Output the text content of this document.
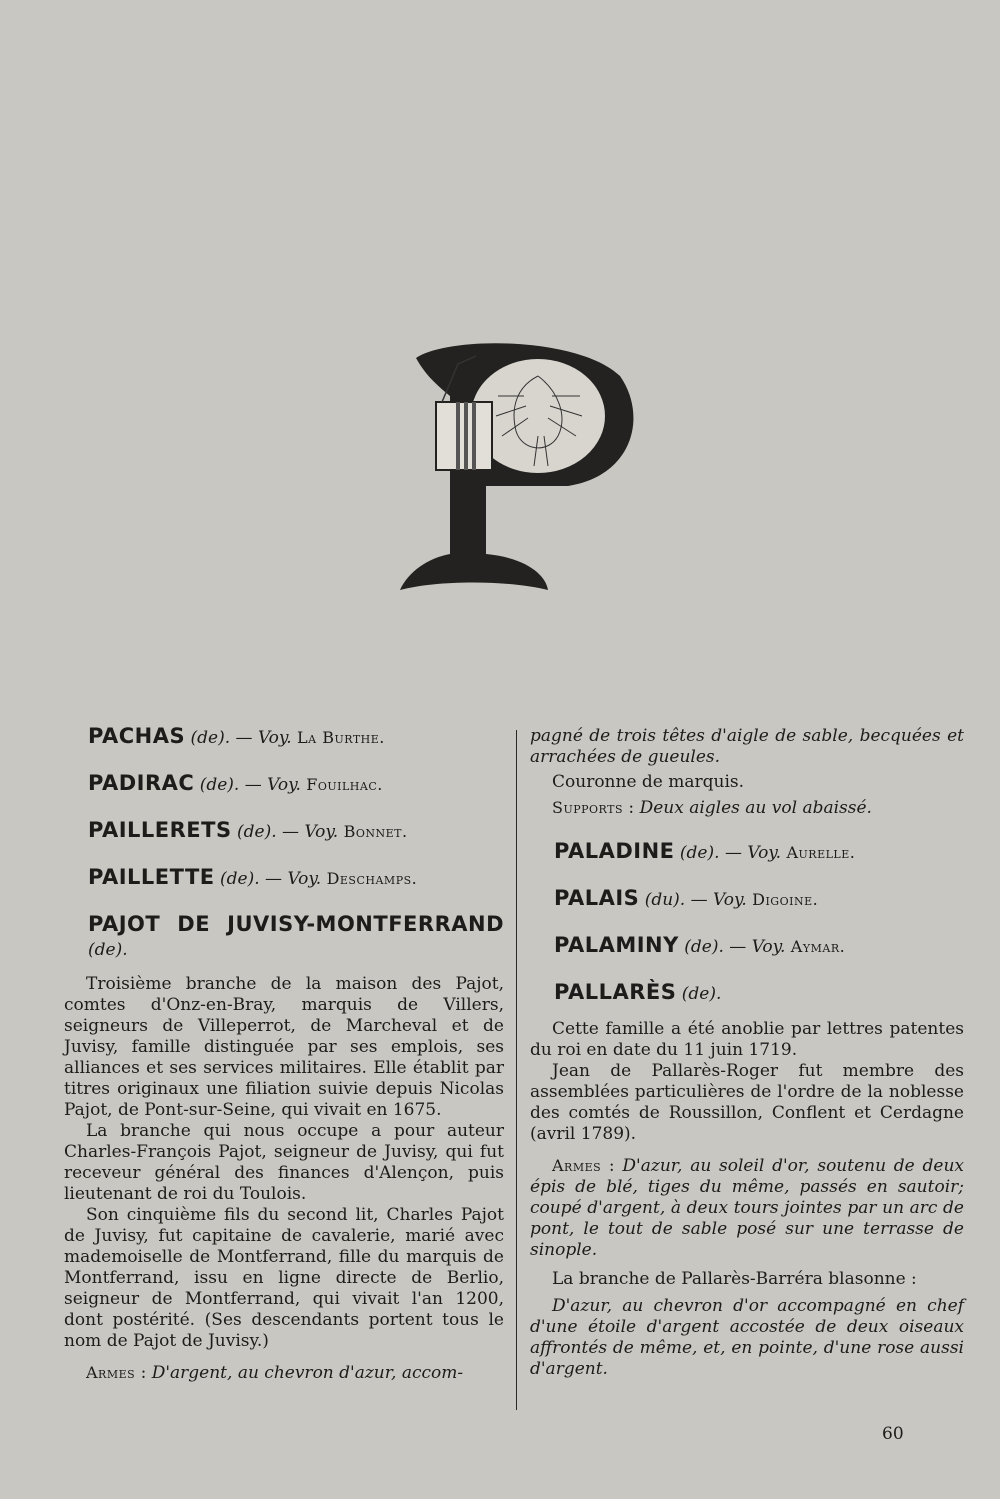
PACHAS (de). — Voy. La Burthe.

PADIRAC (de). — Voy. Fouilhac.

PAILLERETS (de). — Voy. Bonnet.

PAILLETTE (de). — Voy. Deschamps.

PAJOT DE JUVISY-MONTFERRAND (de).

Troisième branche de la maison des Pajot, comtes d'Onz-en-Bray, marquis de Villers, seigneurs de Villeperrot, de Marcheval et de Juvisy, famille distinguée par ses emplois, ses alliances et ses services militaires. Elle établit par titres originaux une filiation suivie depuis Nicolas Pajot, de Pont-sur-Seine, qui vivait en 1675.

La branche qui nous occupe a pour auteur Charles-François Pajot, seigneur de Juvisy, qui fut receveur général des finances d'Alençon, puis lieutenant de roi du Toulois.

Son cinquième fils du second lit, Charles Pajot de Juvisy, fut capitaine de cavalerie, marié avec mademoiselle de Montferrand, fille du marquis de Montferrand, issu en ligne directe de Berlio, seigneur de Montferrand, qui vivait l'an 1200, dont postérité. (Ses descendants portent tous le nom de Pajot de Juvisy.)

Armes : D'argent, au chevron d'azur, accom-

pagné de trois têtes d'aigle de sable, becquées et arrachées de gueules.

Couronne de marquis.

Supports : Deux aigles au vol abaissé.

PALADINE (de). — Voy. Aurelle.

PALAIS (du). — Voy. Digoine.

PALAMINY (de). — Voy. Aymar.

PALLARÈS (de).

Cette famille a été anoblie par lettres patentes du roi en date du 11 juin 1719.

Jean de Pallarès-Roger fut membre des assemblées particulières de l'ordre de la noblesse des comtés de Roussillon, Conflent et Cerdagne (avril 1789).

Armes : D'azur, au soleil d'or, soutenu de deux épis de blé, tiges du même, passés en sautoir; coupé d'argent, à deux tours jointes par un arc de pont, le tout de sable posé sur une terrasse de sinople.

La branche de Pallarès-Barréra blasonne :

D'azur, au chevron d'or accompagné en chef d'une étoile d'argent accostée de deux oiseaux affrontés de même, et, en pointe, d'une rose aussi d'argent.

60
